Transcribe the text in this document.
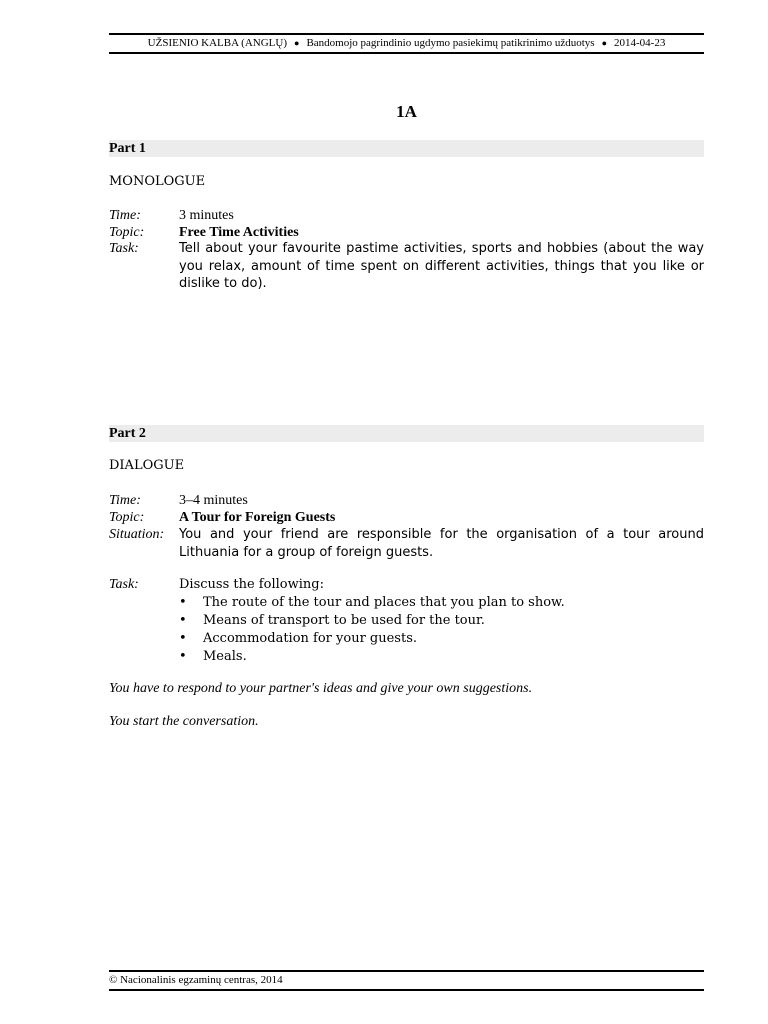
UŽSIENIO KALBA (ANGLŲ) ● Bandomojo pagrindinio ugdymo pasiekimų patikrinimo užduotys ● 2014-04-23
1A
Part 1
MONOLOGUE
Time:	3 minutes
Topic: Free Time Activities
Task:	Tell about your favourite pastime activities, sports and hobbies (about the way you relax, amount of time spent on different activities, things that you like or dislike to do).
Part 2
DIALOGUE
Time:	3–4 minutes
Topic: A Tour for Foreign Guests
Situation: You and your friend are responsible for the organisation of a tour around Lithuania for a group of foreign guests.
Task:	Discuss the following:
• The route of the tour and places that you plan to show.
• Means of transport to be used for the tour.
• Accommodation for your guests.
• Meals.
You have to respond to your partner's ideas and give your own suggestions.
You start the conversation.
© Nacionalinis egzaminų centras, 2014
